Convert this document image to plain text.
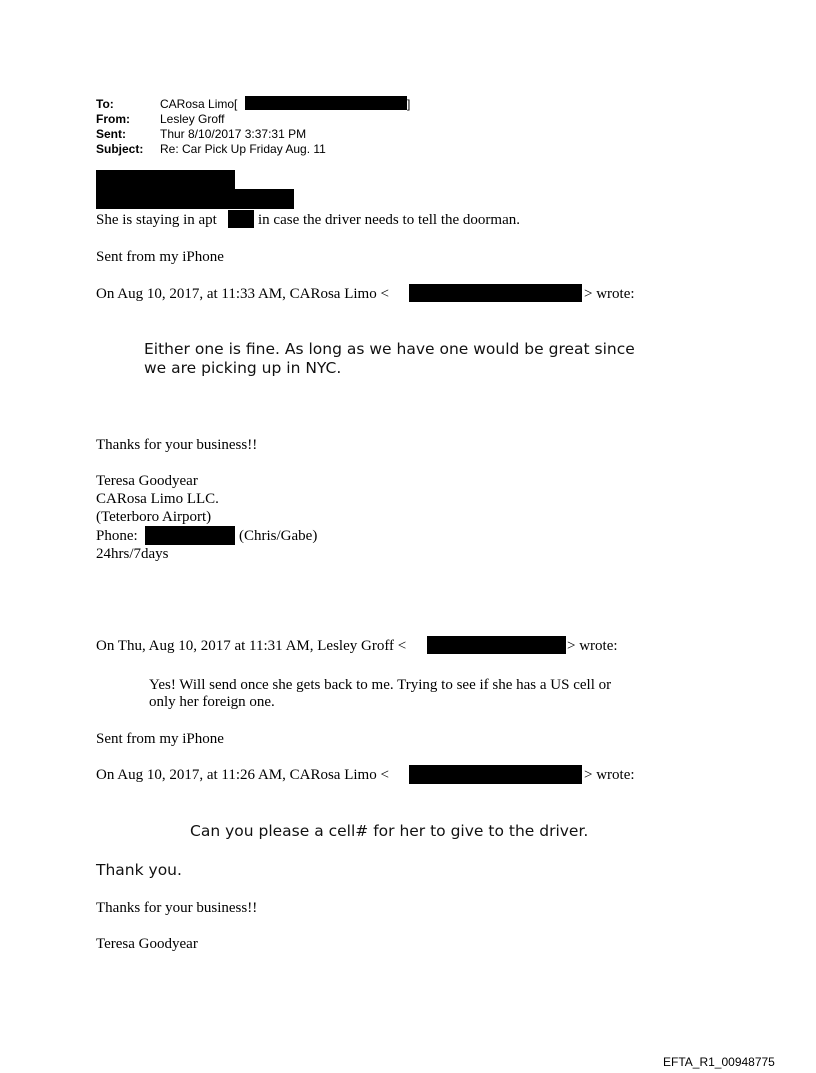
To:	CARosa Limo[	]
From:	Lesley Groff
Sent:	Thur 8/10/2017 3:37:31 PM
Subject: Re: Car Pick Up Friday Aug. 11
She is staying in apt	in case the driver needs to tell the doorman.
Sent from my iPhone
On Aug 10, 2017, at 11:33 AM, CARosa Limo <	> wrote:
Either one is fine. As long as we have one would be great since
we are picking up in NYC.
Thanks for your business!!
Teresa Goodyear
CARosa Limo LLC.
(Teterboro Airport)
Phone:	(Chris/Gabe)
24hrs/7days
On Thu, Aug 10, 2017 at 11:31 AM, Lesley Groff <	> wrote:
Yes! Will send once she gets back to me. Trying to see if she has a US cell or
only her foreign one.
Sent from my iPhone
On Aug 10, 2017, at 11:26 AM, CARosa Limo <	> wrote:
Can you please a cell# for her to give to the driver.
Thank you.
Thanks for your business!!
Teresa Goodyear
EFTA_R1_00948775
